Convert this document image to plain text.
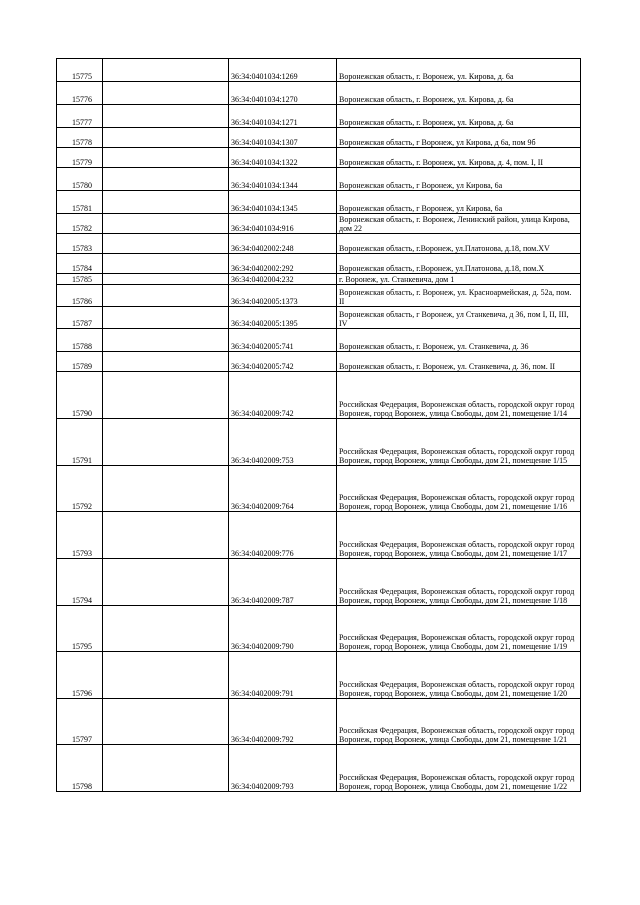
15775		36:34:0401034:1269	Воронежская область, г. Воронеж, ул. Кирова, д. 6а
15776		36:34:0401034:1270	Воронежская область, г. Воронеж, ул. Кирова, д. 6а
15777		36:34:0401034:1271	Воронежская область, г. Воронеж, ул. Кирова, д. 6а
15778		36:34:0401034:1307	Воронежская область, г Воронеж, ул Кирова, д 6а, пом 9б
15779		36:34:0401034:1322	Воронежская область, г. Воронеж, ул. Кирова, д. 4, пом. I, II
15780		36:34:0401034:1344	Воронежская область, г Воронеж, ул Кирова, 6а
15781		36:34:0401034:1345	Воронежская область, г Воронеж, ул Кирова, 6а
15782		36:34:0401034:916	Воронежская область, г. Воронеж, Ленинский район, улица Кирова, дом 22
15783		36:34:0402002:248	Воронежская область, г.Воронеж, ул.Платонова, д.18, пом.XV
15784		36:34:0402002:292	Воронежская область, г.Воронеж, ул.Платонова, д.18, пом.X
15785		36:34:0402004:232	г. Воронеж, ул. Станкевича, дом 1
15786		36:34:0402005:1373	Воронежская область, г. Воронеж, ул. Красноармейская, д. 52а, пом. II
15787		36:34:0402005:1395	Воронежская область, г Воронеж, ул Станкевича, д 36, пом I, II, III, IV
15788		36:34:0402005:741	Воронежская область, г. Воронеж, ул. Станкевича, д. 36
15789		36:34:0402005:742	Воронежская область, г. Воронеж, ул. Станкевича, д. 36, пом. II
15790		36:34:0402009:742	Российская Федерация, Воронежская область, городской округ город Воронеж, город Воронеж, улица Свободы, дом 21, помещение 1/14
15791		36:34:0402009:753	Российская Федерация, Воронежская область, городской округ город Воронеж, город Воронеж, улица Свободы, дом 21, помещение 1/15
15792		36:34:0402009:764	Российская Федерация, Воронежская область, городской округ город Воронеж, город Воронеж, улица Свободы, дом 21, помещение 1/16
15793		36:34:0402009:776	Российская Федерация, Воронежская область, городской округ город Воронеж, город Воронеж, улица Свободы, дом 21, помещение 1/17
15794		36:34:0402009:787	Российская Федерация, Воронежская область, городской округ город Воронеж, город Воронеж, улица Свободы, дом 21, помещение 1/18
15795		36:34:0402009:790	Российская Федерация, Воронежская область, городской округ город Воронеж, город Воронеж, улица Свободы, дом 21, помещение 1/19
15796		36:34:0402009:791	Российская Федерация, Воронежская область, городской округ город Воронеж, город Воронеж, улица Свободы, дом 21, помещение 1/20
15797		36:34:0402009:792	Российская Федерация, Воронежская область, городской округ город Воронеж, город Воронеж, улица Свободы, дом 21, помещение 1/21
15798		36:34:0402009:793	Российская Федерация, Воронежская область, городской округ город Воронеж, город Воронеж, улица Свободы, дом 21, помещение 1/22
